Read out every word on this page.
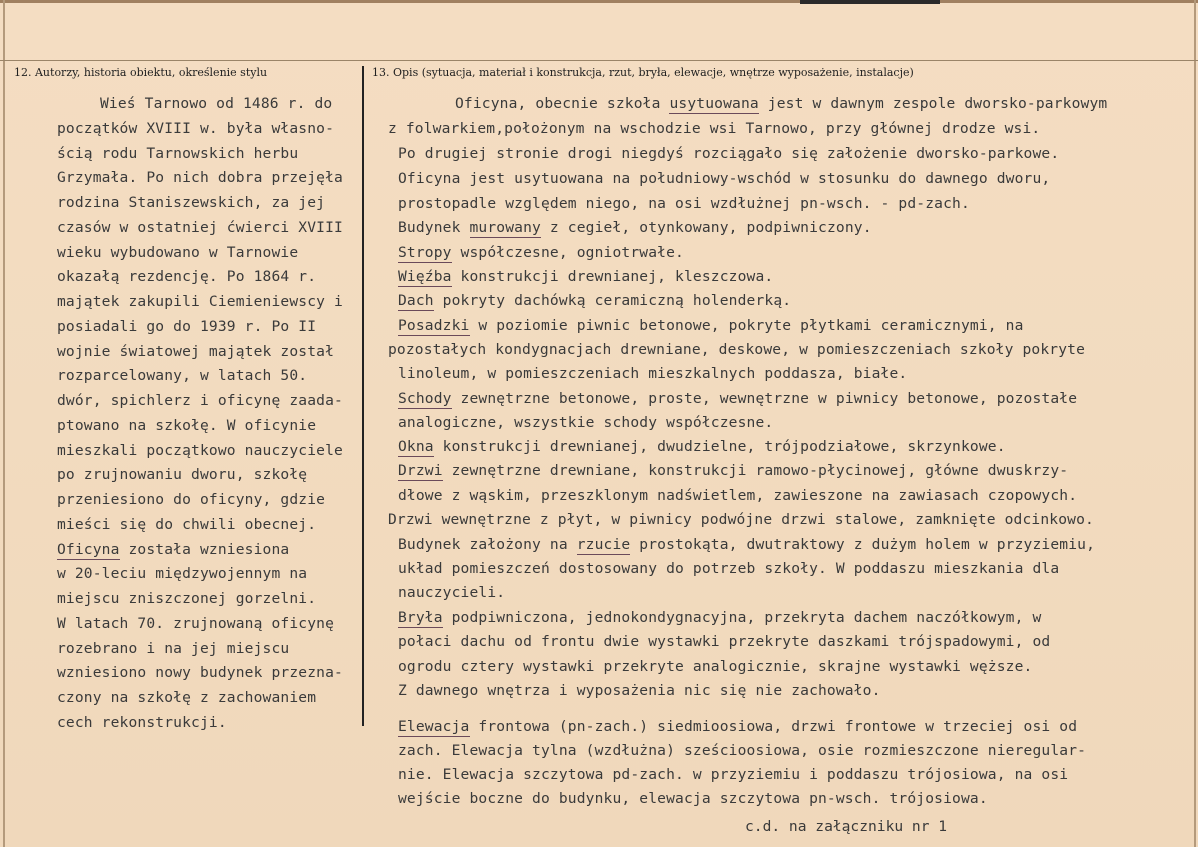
12. Autorzy, historia obiektu, określenie stylu	13. Opis (sytuacja, materiał i konstrukcja, rzut, bryła, elewacje, wnętrze wyposażenie, instalacje)
Wieś Tarnowo od 1486 r. do
początków XVIII w. była własno-
ścią rodu Tarnowskich herbu
Grzymała. Po nich dobra przejęła
rodzina Staniszewskich, za jej
czasów w ostatniej ćwierci XVIII
wieku wybudowano w Tarnowie
okazałą rezdencję. Po 1864 r.
majątek zakupili Ciemieniewscy i
posiadali go do 1939 r. Po II
wojnie światowej majątek został
rozparcelowany, w latach 50.
dwór, spichlerz i oficynę zaada-
ptowano na szkołę. W oficynie
mieszkali początkowo nauczyciele
po zrujnowaniu dworu, szkołę
przeniesiono do oficyny, gdzie
mieści się do chwili obecnej.
Oficyna została wzniesiona
w 20-leciu międzywojennym na
miejscu zniszczonej gorzelni.
W latach 70. zrujnowaną oficynę
rozebrano i na jej miejscu
wzniesiono nowy budynek przezna-
czony na szkołę z zachowaniem
cech rekonstrukcji.
Oficyna, obecnie szkoła usytuowana jest w dawnym zespole dworsko-parkowym
z folwarkiem,położonym na wschodzie wsi Tarnowo, przy głównej drodze wsi.
Po drugiej stronie drogi niegdyś rozciągało się założenie dworsko-parkowe.
Oficyna jest usytuowana na południowy-wschód w stosunku do dawnego dworu,
prostopadle względem niego, na osi wzdłużnej pn-wsch. - pd-zach.
Budynek murowany z cegieł, otynkowany, podpiwniczony.
Stropy współczesne, ogniotrwałe.
Więźba konstrukcji drewnianej, kleszczowa.
Dach pokryty dachówką ceramiczną holenderką.
Posadzki w poziomie piwnic betonowe, pokryte płytkami ceramicznymi, na
pozostałych kondygnacjach drewniane, deskowe, w pomieszczeniach szkoły pokryte
linoleum, w pomieszczeniach mieszkalnych poddasza, białe.
Schody zewnętrzne betonowe, proste, wewnętrzne w piwnicy betonowe, pozostałe
analogiczne, wszystkie schody współczesne.
Okna konstrukcji drewnianej, dwudzielne, trójpodziałowe, skrzynkowe.
Drzwi zewnętrzne drewniane, konstrukcji ramowo-płycinowej, główne dwuskrzy-
dłowe z wąskim, przeszklonym nadświetlem, zawieszone na zawiasach czopowych.
Drzwi wewnętrzne z płyt, w piwnicy podwójne drzwi stalowe, zamknięte odcinkowo.
Budynek założony na rzucie prostokąta, dwutraktowy z dużym holem w przyziemiu,
układ pomieszczeń dostosowany do potrzeb szkoły. W poddaszu mieszkania dla
nauczycieli.
Bryła podpiwniczona, jednokondygnacyjna, przekryta dachem naczółkowym, w
połaci dachu od frontu dwie wystawki przekryte daszkami trójspadowymi, od
ogrodu cztery wystawki przekryte analogicznie, skrajne wystawki węższe.
Z dawnego wnętrza i wyposażenia nic się nie zachowało.
Elewacja frontowa (pn-zach.) siedmioosiowa, drzwi frontowe w trzeciej osi od
zach. Elewacja tylna (wzdłużna) sześcioosiowa, osie rozmieszczone nieregular-
nie. Elewacja szczytowa pd-zach. w przyziemiu i poddaszu trójosiowa, na osi
wejście boczne do budynku, elewacja szczytowa pn-wsch. trójosiowa.
c.d. na załączniku nr 1
